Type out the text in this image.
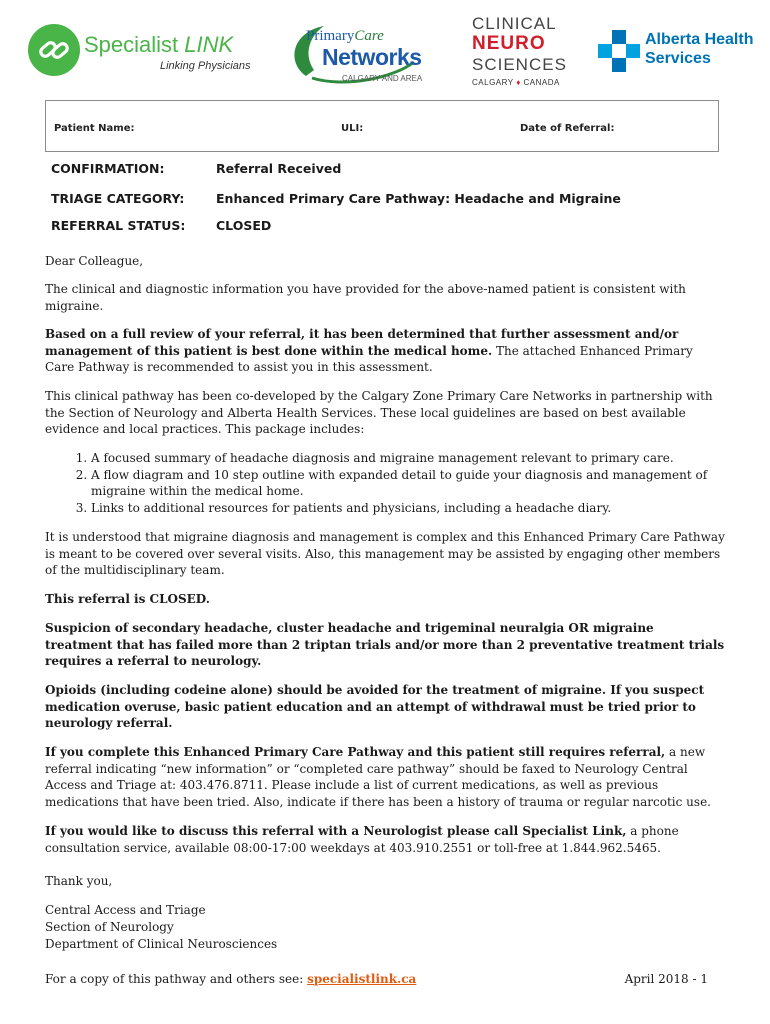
Specialist LINK
Linking Physicians
PrimaryCare
Networks
CALGARY AND AREA
CLINICAL
NEURO
SCIENCES
CALGARY ♦ CANADA
Alberta Health
Services
Patient Name:	ULI:	Date of Referral:
CONFIRMATION:	Referral Received
TRIAGE CATEGORY:	Enhanced Primary Care Pathway: Headache and Migraine
REFERRAL STATUS: CLOSED
Dear Colleague,
The clinical and diagnostic information you have provided for the above-named patient is consistent with migraine.
Based on a full review of your referral, it has been determined that further assessment and/or management of this patient is best done within the medical home. The attached Enhanced Primary Care Pathway is recommended to assist you in this assessment.
This clinical pathway has been co-developed by the Calgary Zone Primary Care Networks in partnership with the Section of Neurology and Alberta Health Services. These local guidelines are based on best available evidence and local practices. This package includes:
1. A focused summary of headache diagnosis and migraine management relevant to primary care.
2. A flow diagram and 10 step outline with expanded detail to guide your diagnosis and management of migraine within the medical home.
3. Links to additional resources for patients and physicians, including a headache diary.
It is understood that migraine diagnosis and management is complex and this Enhanced Primary Care Pathway is meant to be covered over several visits. Also, this management may be assisted by engaging other members of the multidisciplinary team.
This referral is CLOSED.
Suspicion of secondary headache, cluster headache and trigeminal neuralgia OR migraine treatment that has failed more than 2 triptan trials and/or more than 2 preventative treatment trials requires a referral to neurology.
Opioids (including codeine alone) should be avoided for the treatment of migraine. If you suspect medication overuse, basic patient education and an attempt of withdrawal must be tried prior to neurology referral.
If you complete this Enhanced Primary Care Pathway and this patient still requires referral, a new referral indicating “new information” or “completed care pathway” should be faxed to Neurology Central Access and Triage at: 403.476.8711. Please include a list of current medications, as well as previous medications that have been tried. Also, indicate if there has been a history of trauma or regular narcotic use.
If you would like to discuss this referral with a Neurologist please call Specialist Link, a phone consultation service, available 08:00-17:00 weekdays at 403.910.2551 or toll-free at 1.844.962.5465.
Thank you,
Central Access and Triage
Section of Neurology
Department of Clinical Neurosciences
For a copy of this pathway and others see: specialistlink.ca	April 2018 - 1
